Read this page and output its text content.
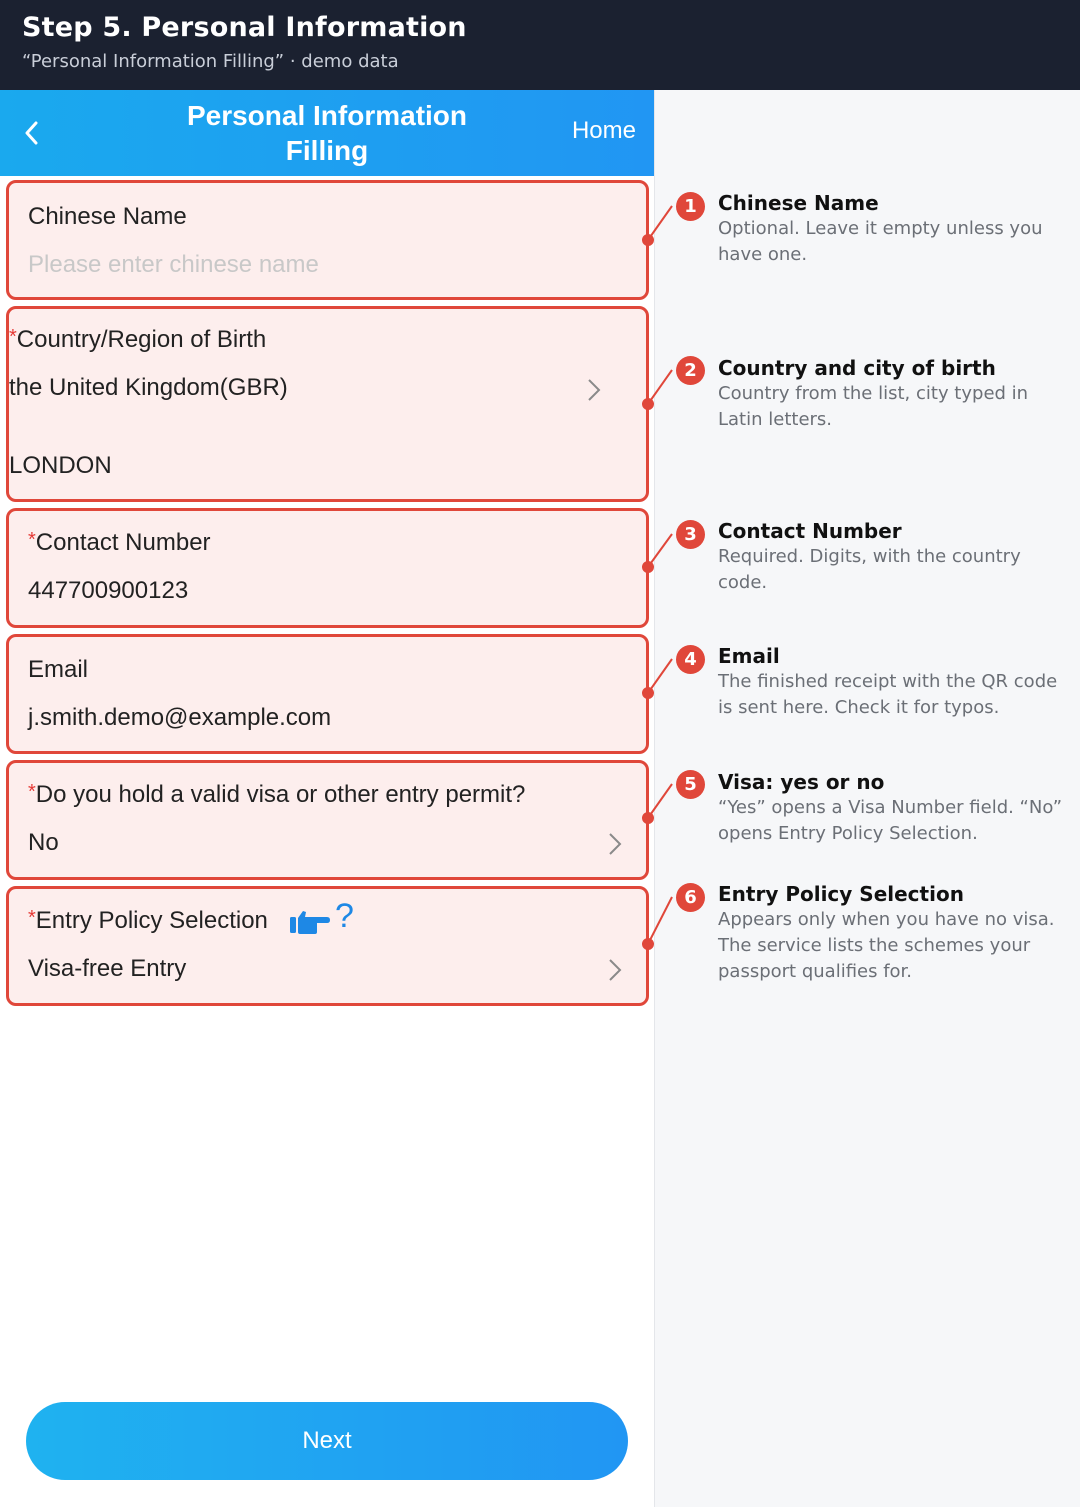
Step 5. Personal Information
“Personal Information Filling” · demo data
Personal Information
Filling
Home
Chinese Name
Please enter chinese name
*Country/Region of Birth
the United Kingdom(GBR)
LONDON
*Contact Number
447700900123
Email
j.smith.demo@example.com
*Do you hold a valid visa or other entry permit?
No
*Entry Policy Selection ?
Visa-free Entry
Next
1	Chinese Name
Optional. Leave it empty unless you
have one.
2	Country and city of birth
Country from the list, city typed in
Latin letters.
3	Contact Number
Required. Digits, with the country
code.
4	Email
The finished receipt with the QR code
is sent here. Check it for typos.
5	Visa: yes or no
“Yes” opens a Visa Number field. “No”
opens Entry Policy Selection.
6	Entry Policy Selection
Appears only when you have no visa.
The service lists the schemes your
passport qualifies for.
